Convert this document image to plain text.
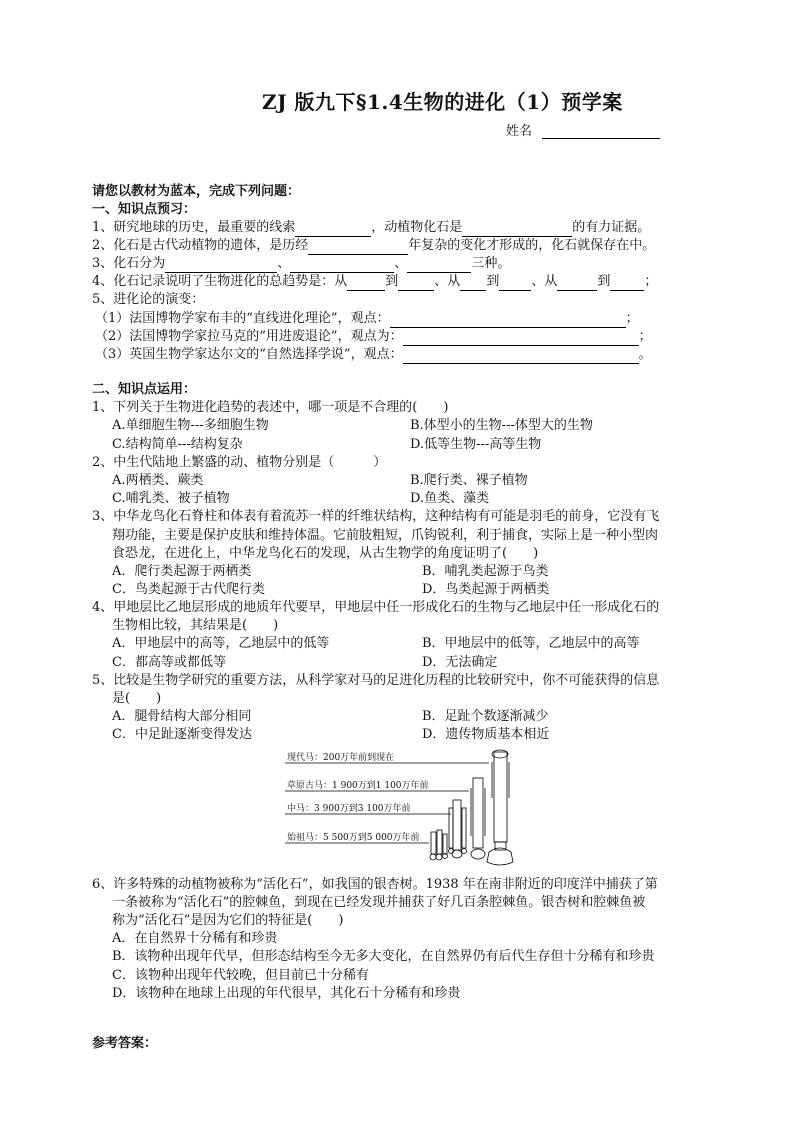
ZJ 版九下§1.4生物的进化（1）预学案
姓名
请您以教材为蓝本，完成下列问题：
一、知识点预习：
1、研究地球的历史，最重要的线索	，动植物化石是	的有力证据。
2、化石是古代动植物的遗体，是历经	年复杂的变化才形成的，化石就保存在中。
3、化石分为	、	、	三种。
4、化石记录说明了生物进化的总趋势是：从	到	、从 到 、从	到	；
5、进化论的演变：
（1）法国博物学家布丰的“直线进化理论”，观点：	；
（2）法国博物学家拉马克的“用进废退论”，观点为：	；
（3）英国生物学家达尔文的“自然选择学说”，观点：	。
二、知识点运用：
1、下列关于生物进化趋势的表述中，哪一项是不合理的(　　)
A.单细胞生物---多细胞生物	B.体型小的生物---体型大的生物
C.结构简单---结构复杂	D.低等生物---高等生物
2、中生代陆地上繁盛的动、植物分别是（　　　）
A.两栖类、蕨类	B.爬行类、裸子植物
C.哺乳类、被子植物	D.鱼类、藻类
3、中华龙鸟化石脊柱和体表有着流苏一样的纤维状结构，这种结构有可能是羽毛的前身，它没有飞
翔功能，主要是保护皮肤和维持体温。它前肢粗短，爪钩锐利，利于捕食，实际上是一种小型肉
食恐龙，在进化上，中华龙鸟化石的发现，从古生物学的角度证明了(　　)
A．爬行类起源于两栖类	B．哺乳类起源于鸟类
C．鸟类起源于古代爬行类	D．鸟类起源于两栖类
4、甲地层比乙地层形成的地质年代要早，甲地层中任一形成化石的生物与乙地层中任一形成化石的
生物相比较，其结果是(　　)
A．甲地层中的高等，乙地层中的低等	B．甲地层中的低等，乙地层中的高等
C．都高等或都低等	D．无法确定
5、比较是生物学研究的重要方法，从科学家对马的足进化历程的比较研究中，你不可能获得的信息
是(　　)
A．腿骨结构大部分相同	B．足趾个数逐渐减少
C．中足趾逐渐变得发达	D．遗传物质基本相近
现代马：200万年前到现在
草原古马：1 900万到1 100万年前
中马：3 900万到3 100万年前
始祖马：5 500万到5 000万年前
6、许多特殊的动植物被称为“活化石”，如我国的银杏树。1938 年在南非附近的印度洋中捕获了第
一条被称为“活化石”的腔棘鱼，到现在已经发现并捕获了好几百条腔棘鱼。银杏树和腔棘鱼被
称为“活化石”是因为它们的特征是(　　)
A．在自然界十分稀有和珍贵
B．该物种出现年代早，但形态结构至今无多大变化，在自然界仍有后代生存但十分稀有和珍贵
C．该物种出现年代较晚，但目前已十分稀有
D．该物种在地球上出现的年代很早，其化石十分稀有和珍贵
参考答案：
